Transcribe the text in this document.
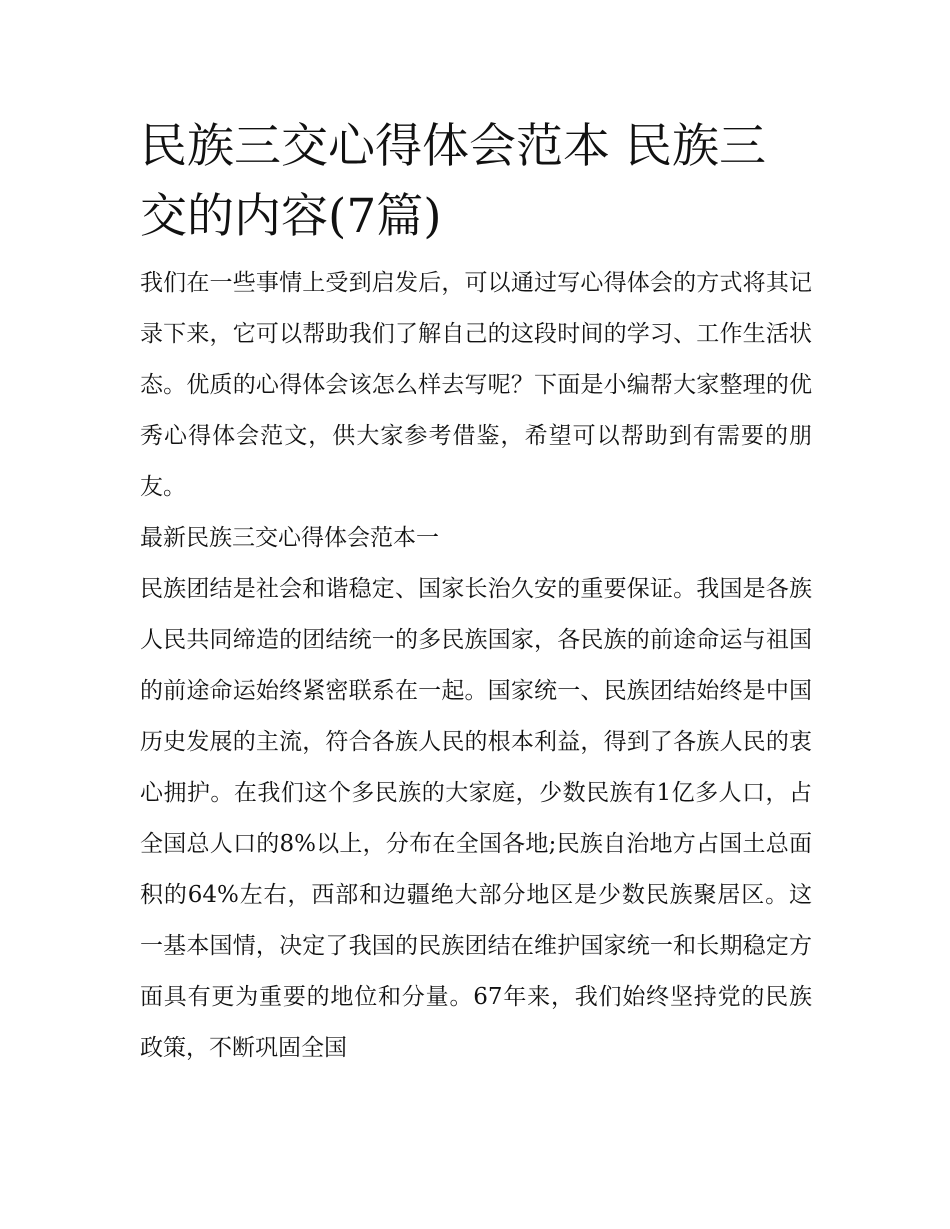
民族三交心得体会范本 民族三交的内容(7篇)

我们在一些事情上受到启发后，可以通过写心得体会的方式将其记录下来，它可以帮助我们了解自己的这段时间的学习、工作生活状态。优质的心得体会该怎么样去写呢？下面是小编帮大家整理的优秀心得体会范文，供大家参考借鉴，希望可以帮助到有需要的朋友。

最新民族三交心得体会范本一

民族团结是社会和谐稳定、国家长治久安的重要保证。我国是各族人民共同缔造的团结统一的多民族国家，各民族的前途命运与祖国的前途命运始终紧密联系在一起。国家统一、民族团结始终是中国历史发展的主流，符合各族人民的根本利益，得到了各族人民的衷心拥护。在我们这个多民族的大家庭，少数民族有1亿多人口，占全国总人口的8%以上，分布在全国各地;民族自治地方占国土总面积的64%左右，西部和边疆绝大部分地区是少数民族聚居区。这一基本国情，决定了我国的民族团结在维护国家统一和长期稳定方面具有更为重要的地位和分量。67年来，我们始终坚持党的民族政策，不断巩固全国
